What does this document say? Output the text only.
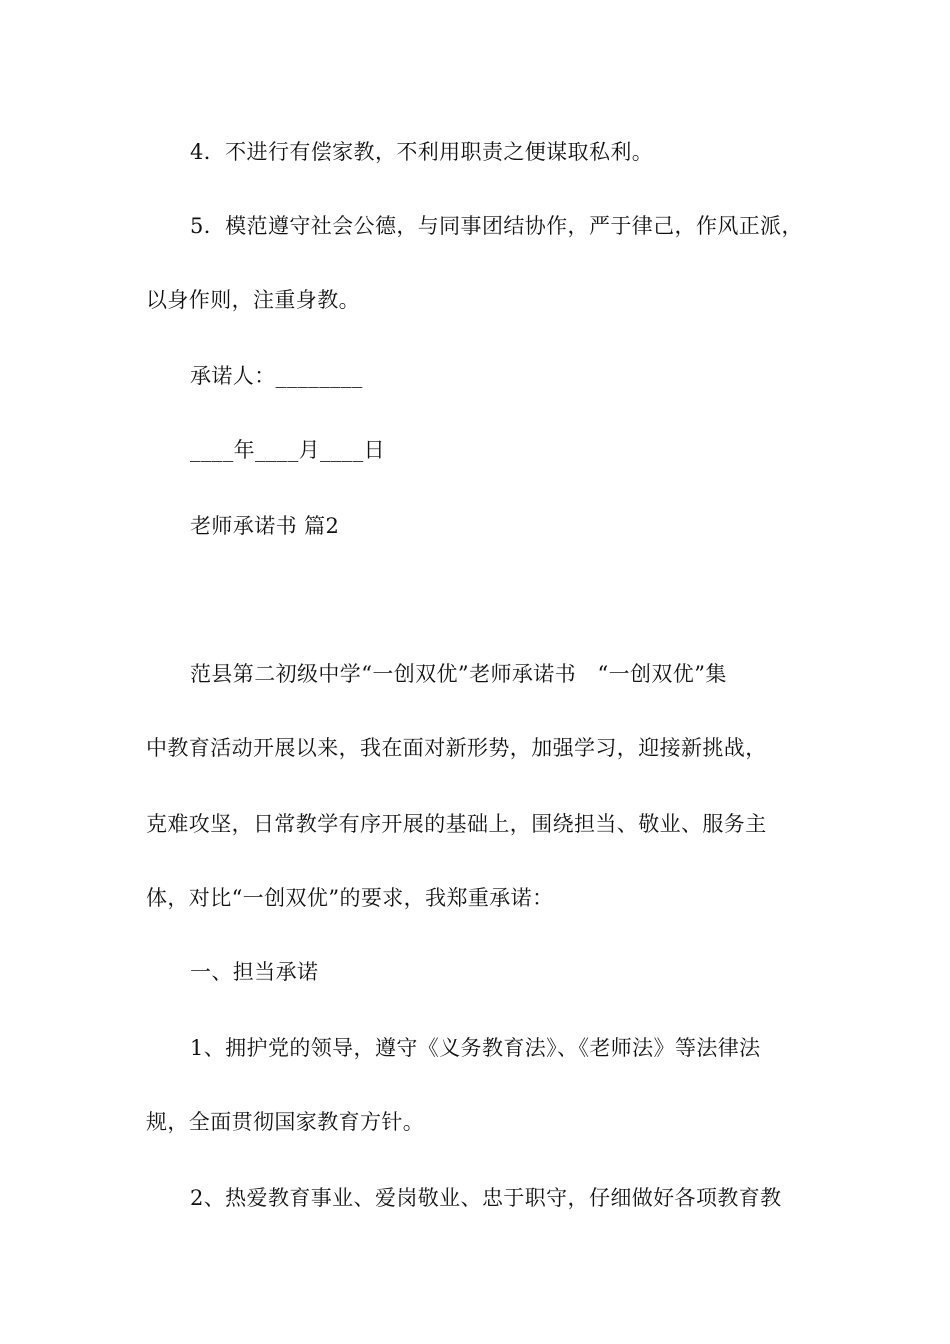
4．不进行有偿家教，不利用职责之便谋取私利。
5．模范遵守社会公德，与同事团结协作，严于律己，作风正派，
以身作则，注重身教。
承诺人：________
____年____月____日
老师承诺书 篇2
范县第二初级中学“一创双优”老师承诺书　“一创双优”集
中教育活动开展以来，我在面对新形势，加强学习，迎接新挑战，
克难攻坚，日常教学有序开展的基础上，围绕担当、敬业、服务主
体，对比“一创双优”的要求，我郑重承诺：
一、担当承诺
1、拥护党的领导，遵守《义务教育法》、《老师法》等法律法
规，全面贯彻国家教育方针。
2、热爱教育事业、爱岗敬业、忠于职守，仔细做好各项教育教
